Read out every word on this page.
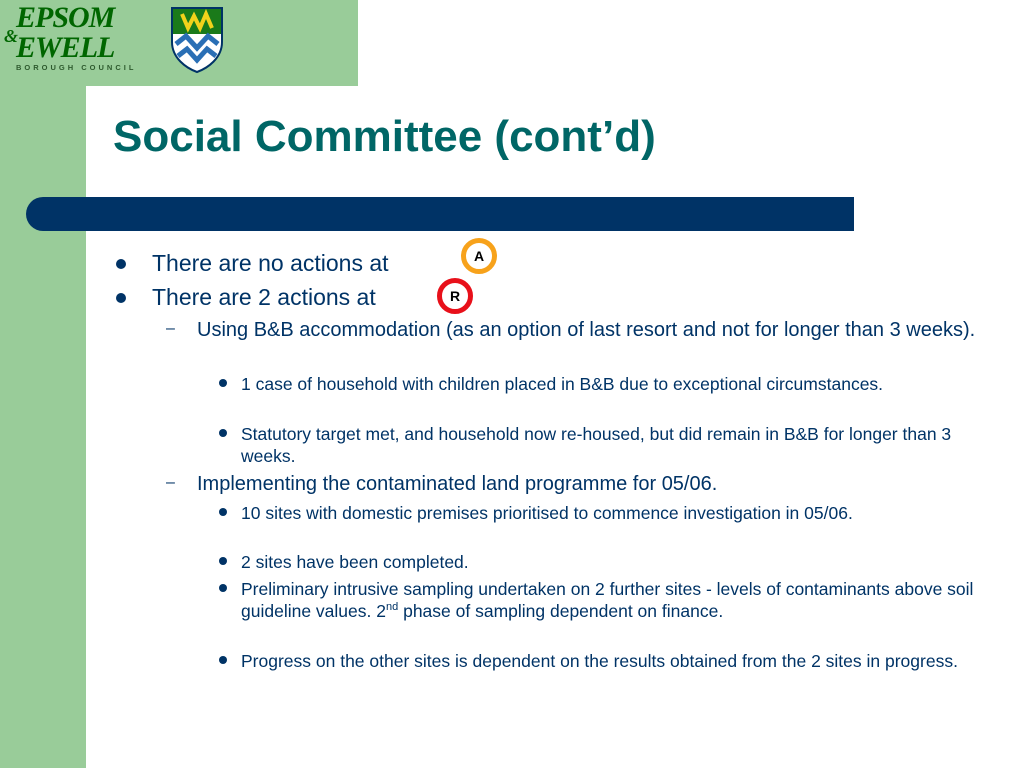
EPSOM
&
EWELL
BOROUGH COUNCIL
Social Committee (cont’d)
There are no actions at	A
There are 2 actions at	R
– Using B&B accommodation (as an option of last resort and not for longer than 3 weeks).
1 case of household with children placed in B&B due to exceptional circumstances.
Statutory target met, and household now re-housed, but did remain in B&B for longer than 3 weeks.
– Implementing the contaminated land programme for 05/06.
10 sites with domestic premises prioritised to commence investigation in 05/06.
2 sites have been completed.
Preliminary intrusive sampling undertaken on 2 further sites - levels of contaminants above soil guideline values. 2nd phase of sampling dependent on finance.
Progress on the other sites is dependent on the results obtained from the 2 sites in progress.
